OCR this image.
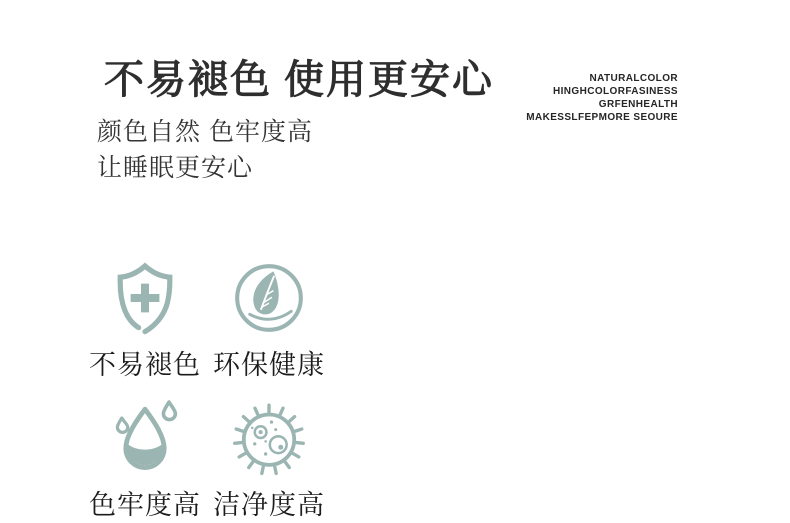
不易褪色 使用更安心	NATURALCOLOR
HINGHCOLORFASINESS
GRFENHEALTH
MAKESSLFEPMORE SEOURE
颜色自然 色牢度高
让睡眠更安心
不易褪色 环保健康
色牢度高 洁净度高
